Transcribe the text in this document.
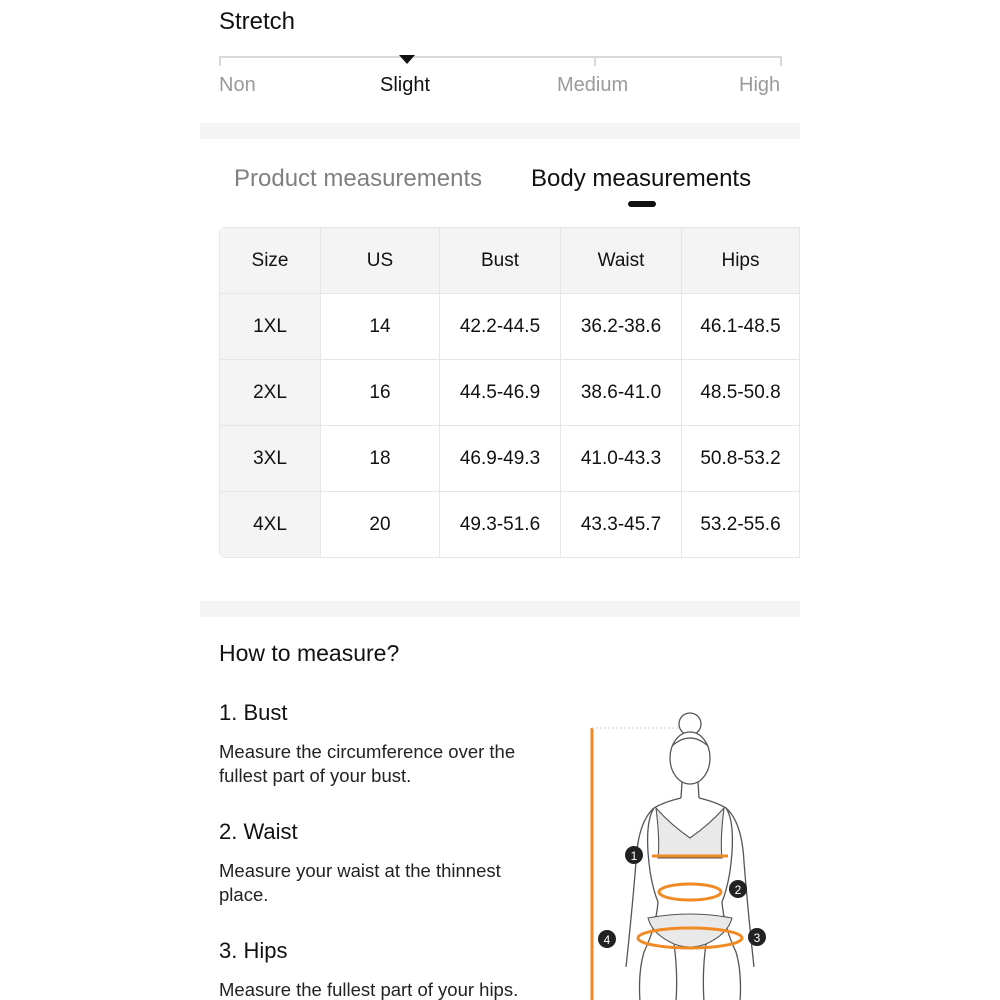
Stretch
Non	Slight	Medium	High
Product measurements Body measurements
Size	US	Bust	Waist	Hips
1XL	14	42.2-44.5	36.2-38.6	46.1-48.5
2XL	16	44.5-46.9	38.6-41.0	48.5-50.8
3XL	18	46.9-49.3	41.0-43.3	50.8-53.2
4XL	20	49.3-51.6	43.3-45.7	53.2-55.6
How to measure?
1. Bust
Measure the circumference over the fullest part of your bust.
2. Waist
Measure your waist at the thinnest place.
3. Hips
Measure the fullest part of your hips.
1
2
3
4
